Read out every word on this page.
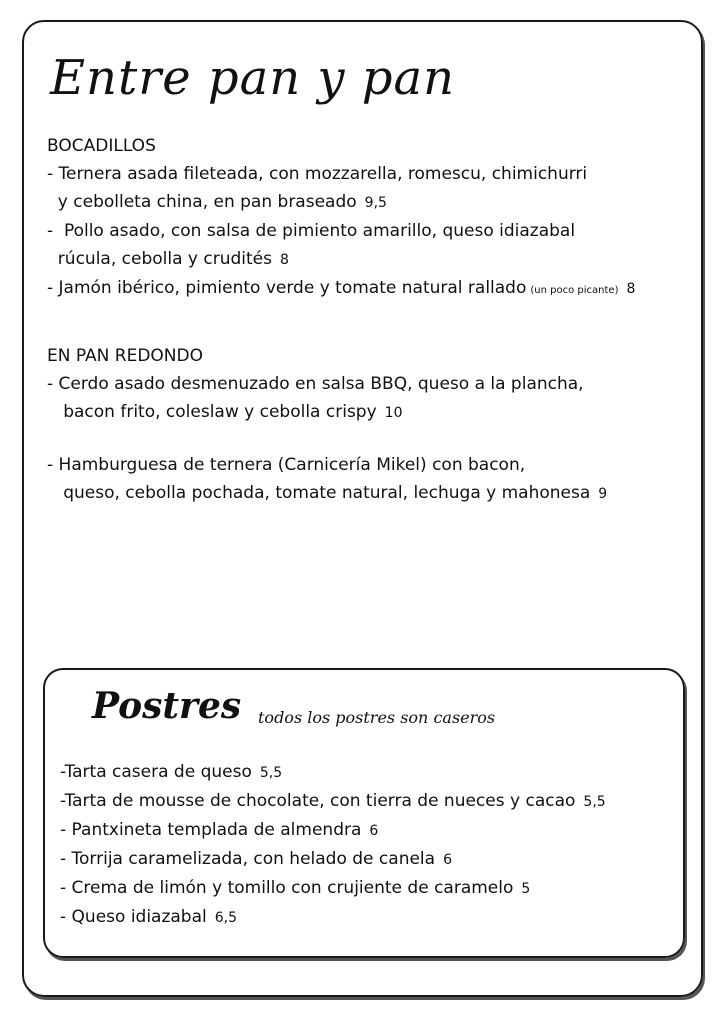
Entre pan y pan
BOCADILLOS
- Ternera asada fileteada, con mozzarella, romescu, chimichurri
y cebolleta china, en pan braseado 9,5
-  Pollo asado, con salsa de pimiento amarillo, queso idiazabal
rúcula, cebolla y crudités 8
- Jamón ibérico, pimiento verde y tomate natural rallado (un poco picante) 8
EN PAN REDONDO
- Cerdo asado desmenuzado en salsa BBQ, queso a la plancha,
bacon frito, coleslaw y cebolla crispy 10
- Hamburguesa de ternera (Carnicería Mikel) con bacon,
queso, cebolla pochada, tomate natural, lechuga y mahonesa 9
Postres todos los postres son caseros
-Tarta casera de queso 5,5
-Tarta de mousse de chocolate, con tierra de nueces y cacao 5,5
- Pantxineta templada de almendra 6
- Torrija caramelizada, con helado de canela 6
- Crema de limón y tomillo con crujiente de caramelo 5
- Queso idiazabal 6,5
